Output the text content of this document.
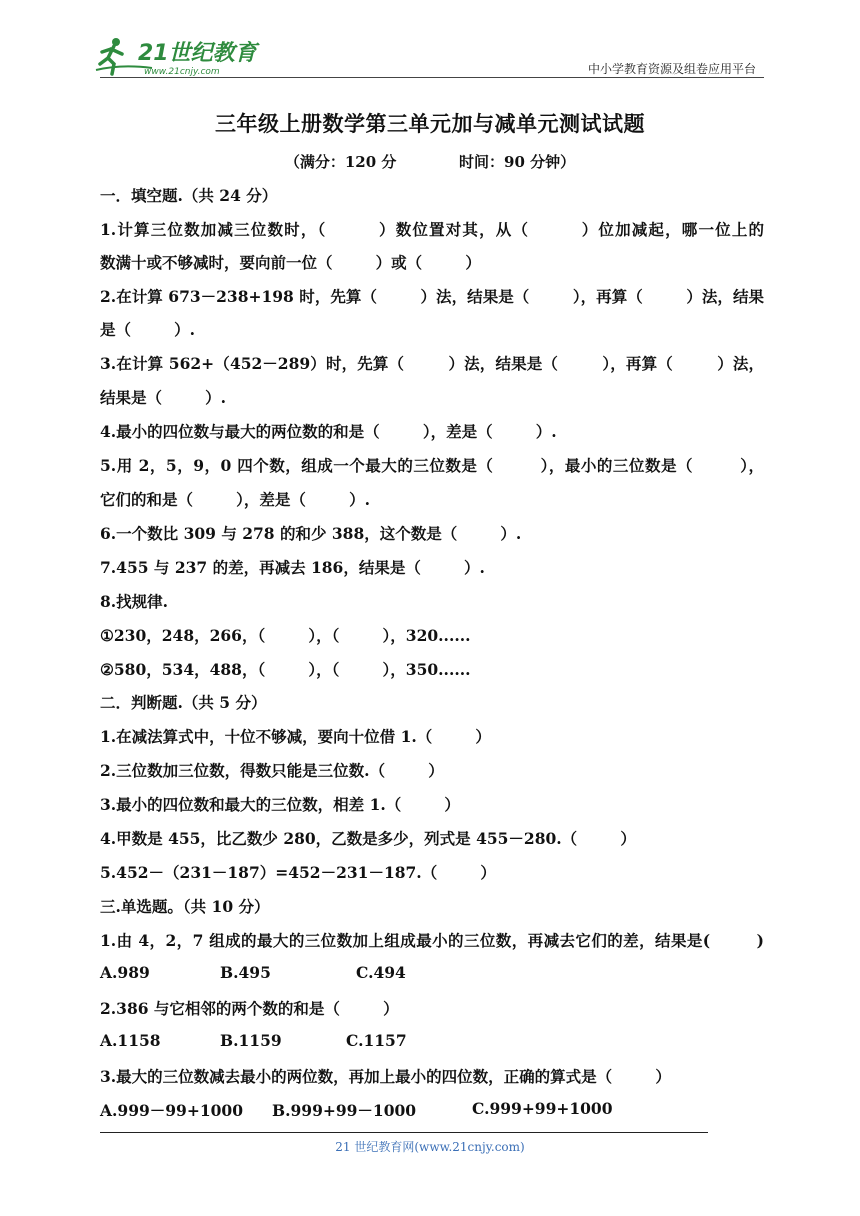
21世纪教育
www.21cnjy.com	中小学教育资源及组卷应用平台
三年级上册数学第三单元加与减单元测试试题
（满分：120 分            时间：90 分钟）
一．填空题.（共 24 分）
1.计算三位数加减三位数时，（        ）数位置对其，从（        ）位加减起，哪一位上的
数满十或不够减时，要向前一位（        ）或（        ）
2.在计算 673－238+198 时，先算（        ）法，结果是（        ），再算（        ）法，结果
是（        ）.
3.在计算 562+（452－289）时，先算（        ）法，结果是（        ），再算（        ）法，
结果是（        ）.
4.最小的四位数与最大的两位数的和是（        ），差是（        ）.
5.用 2，5，9，0 四个数，组成一个最大的三位数是（        ），最小的三位数是（        ），
它们的和是（        ），差是（        ）.
6.一个数比 309 与 278 的和少 388，这个数是（        ）.
7.455 与 237 的差，再减去 186，结果是（        ）.
8.找规律.
①230，248，266，（        ），（        ），320......
②580，534，488，（        ），（        ），350......
二．判断题.（共 5 分）
1.在减法算式中，十位不够减，要向十位借 1.（        ）
2.三位数加三位数，得数只能是三位数.（        ）
3.最小的四位数和最大的三位数，相差 1.（        ）
4.甲数是 455，比乙数少 280，乙数是多少，列式是 455－280.（        ）
5.452－（231－187）=452－231－187.（        ）
三.单选题。（共 10 分）
1.由 4，2，7 组成的最大的三位数加上组成最小的三位数，再减去它们的差，结果是(        )
A.989	B.495	C.494
2.386 与它相邻的两个数的和是（        ）
A.1158	B.1159	C.1157
3.最大的三位数减去最小的两位数，再加上最小的四位数，正确的算式是（        ）
A.999－99+1000 B.999+99－1000	C.999+99+1000
21 世纪教育网(www.21cnjy.com)
